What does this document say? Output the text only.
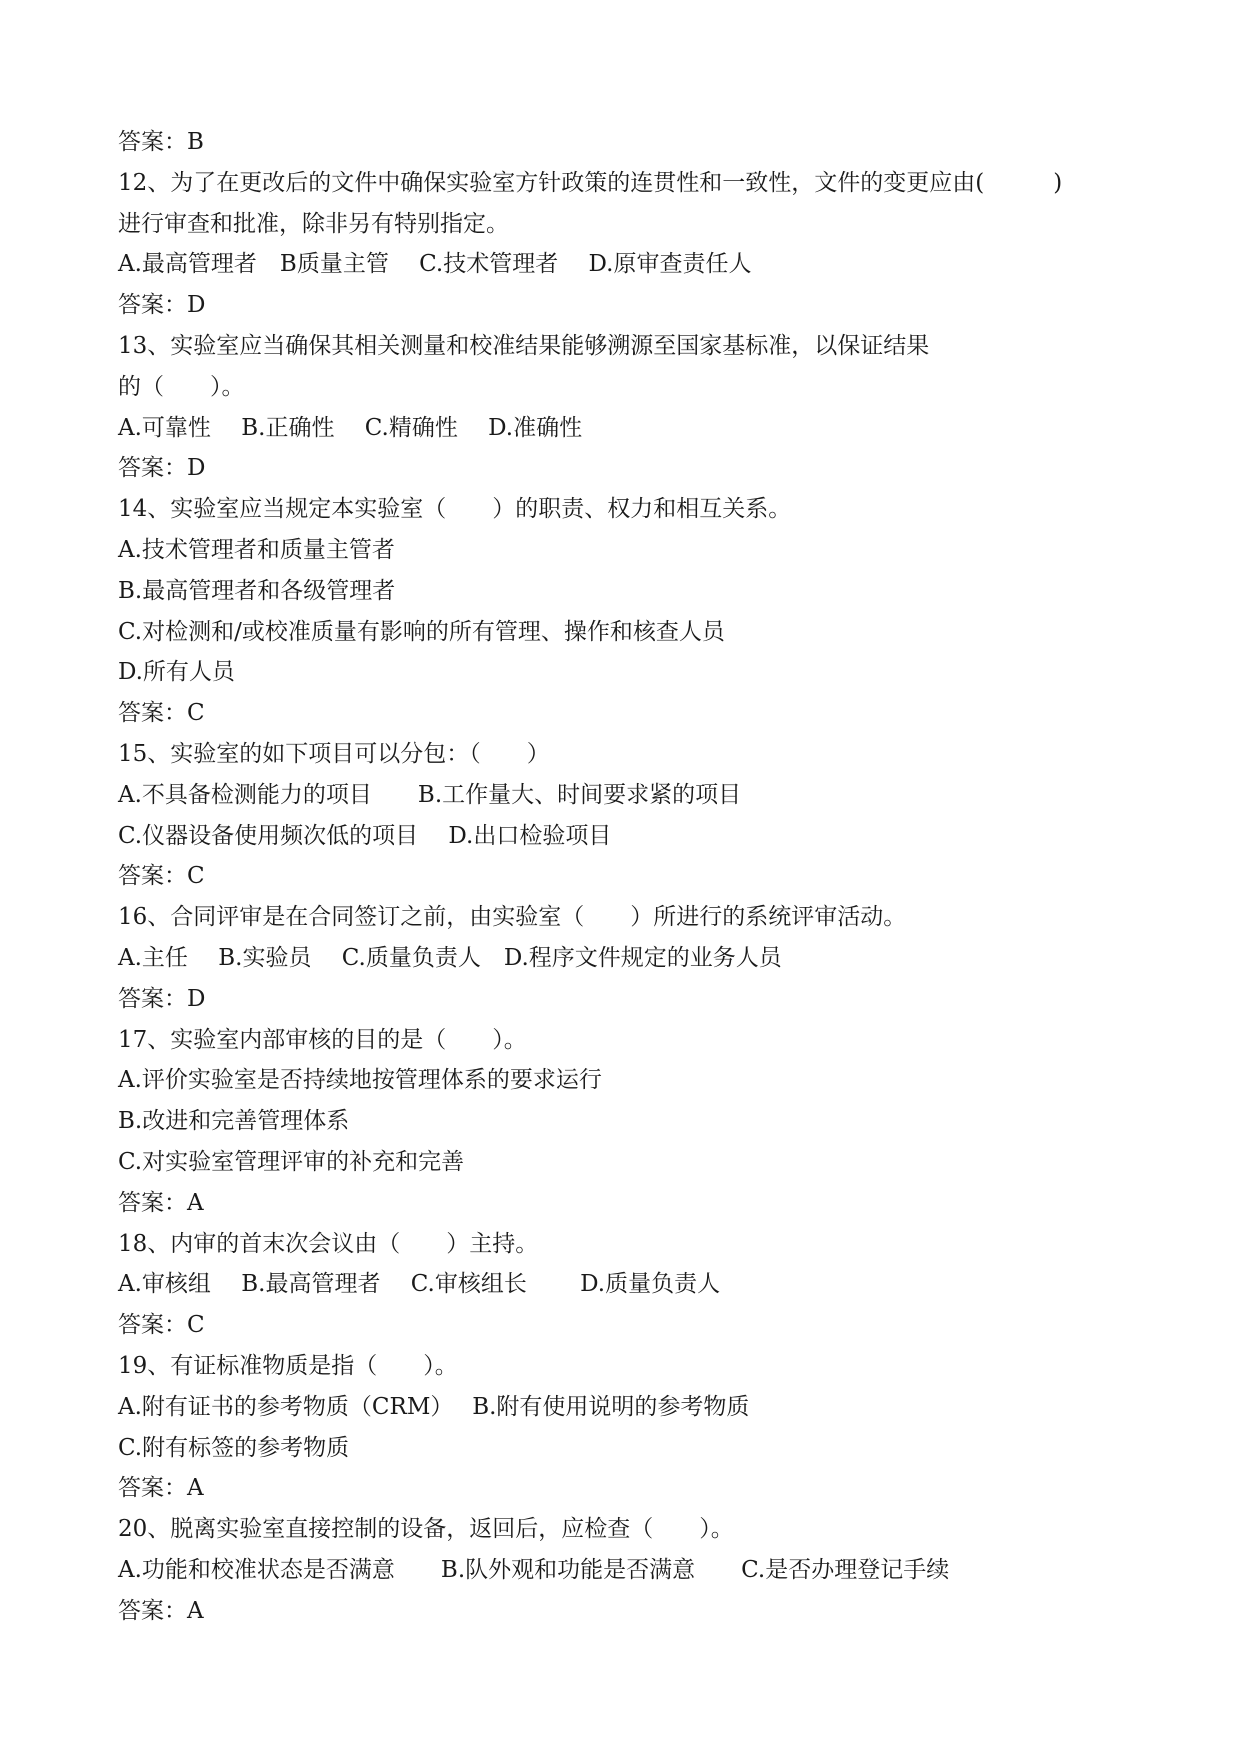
答案：B
12、为了在更改后的文件中确保实验室方针政策的连贯性和一致性，文件的变更应由(　　　)
进行审查和批准，除非另有特别指定。
A.最高管理者　B质量主管　 C.技术管理者　 D.原审查责任人
答案：D
13、实验室应当确保其相关测量和校准结果能够溯源至国家基标准，以保证结果
的（　　）。
A.可靠性　 B.正确性　 C.精确性　 D.准确性
答案：D
14、实验室应当规定本实验室（　　）的职责、权力和相互关系。
A.技术管理者和质量主管者
B.最高管理者和各级管理者
C.对检测和/或校准质量有影响的所有管理、操作和核查人员
D.所有人员
答案：C
15、实验室的如下项目可以分包：（　　）
A.不具备检测能力的项目　　B.工作量大、时间要求紧的项目
C.仪器设备使用频次低的项目　 D.出口检验项目
答案：C
16、合同评审是在合同签订之前，由实验室（　　）所进行的系统评审活动。
A.主任　 B.实验员　 C.质量负责人　D.程序文件规定的业务人员
答案：D
17、实验室内部审核的目的是（　　）。
A.评价实验室是否持续地按管理体系的要求运行
B.改进和完善管理体系
C.对实验室管理评审的补充和完善
答案：A
18、内审的首末次会议由（　　）主持。
A.审核组　 B.最高管理者　 C.审核组长　　 D.质量负责人
答案：C
19、有证标准物质是指（　　）。
A.附有证书的参考物质（CRM）　 B.附有使用说明的参考物质
C.附有标签的参考物质
答案：A
20、脱离实验室直接控制的设备，返回后，应检查（　　）。
A.功能和校准状态是否满意　　B.队外观和功能是否满意　　C.是否办理登记手续
答案：A
